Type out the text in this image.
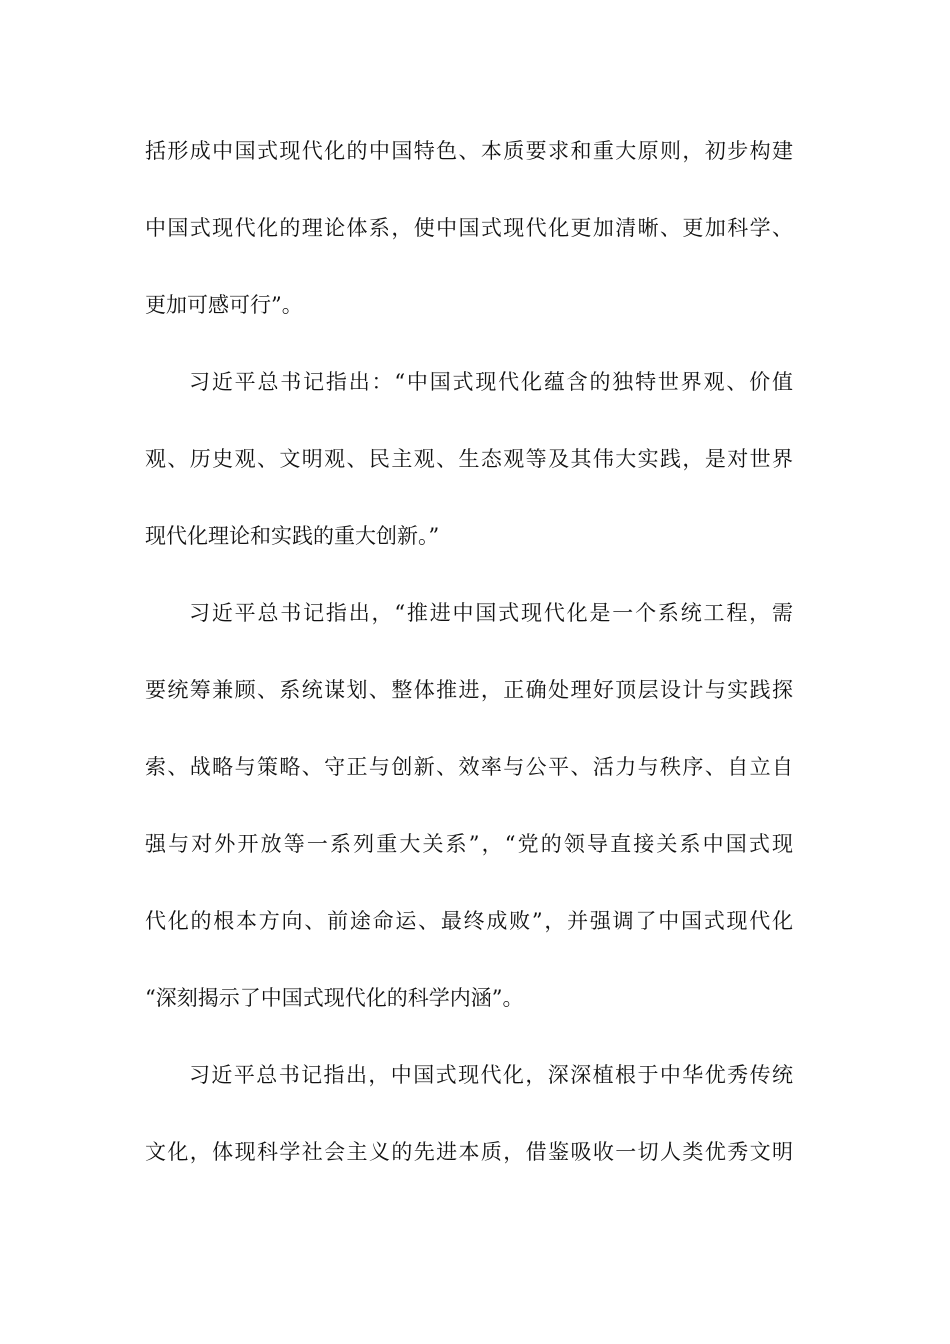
括形成中国式现代化的中国特色、本质要求和重大原则，初步构建
中国式现代化的理论体系，使中国式现代化更加清晰、更加科学、
更加可感可行”。
习近平总书记指出：“中国式现代化蕴含的独特世界观、价值
观、历史观、文明观、民主观、生态观等及其伟大实践，是对世界
现代化理论和实践的重大创新。”
习近平总书记指出，“推进中国式现代化是一个系统工程，需
要统筹兼顾、系统谋划、整体推进，正确处理好顶层设计与实践探
索、战略与策略、守正与创新、效率与公平、活力与秩序、自立自
强与对外开放等一系列重大关系”，“党的领导直接关系中国式现
代化的根本方向、前途命运、最终成败”，并强调了中国式现代化
“深刻揭示了中国式现代化的科学内涵”。
习近平总书记指出，中国式现代化，深深植根于中华优秀传统
文化，体现科学社会主义的先进本质，借鉴吸收一切人类优秀文明
